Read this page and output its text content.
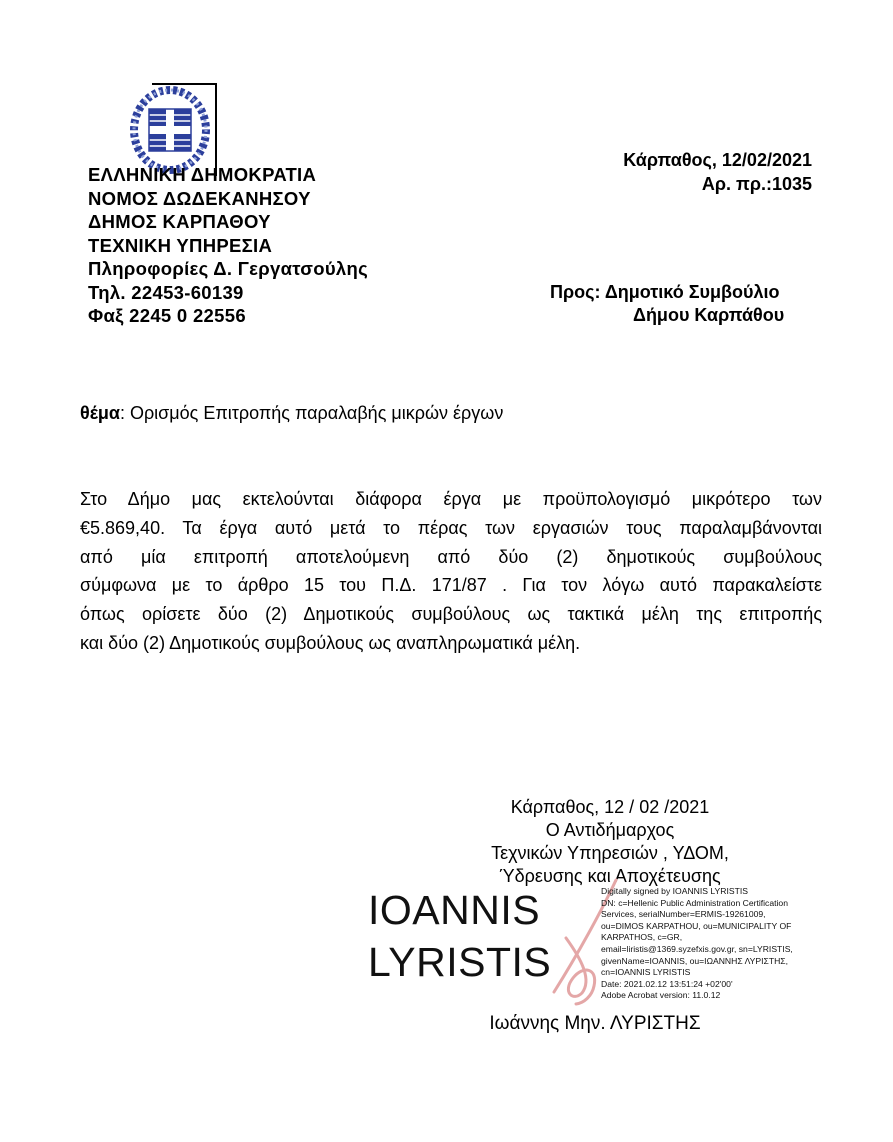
ΕΛΛΗΝΙΚΗ ΔΗΜΟΚΡΑΤΙΑ
ΝΟΜΟΣ ΔΩΔΕΚΑΝΗΣΟΥ
ΔΗΜΟΣ ΚΑΡΠΑΘΟΥ
ΤΕΧΝΙΚΗ ΥΠΗΡΕΣΙΑ
Πληροφορίες Δ. Γεργατσούλης
Τηλ. 22453-60139
Φαξ 2245 0 22556
Κάρπαθος, 12/02/2021
Αρ. πρ.:1035
Προς: Δημοτικό Συμβούλιο
Δήμου Καρπάθου
θέμα: Ορισμός Επιτροπής παραλαβής μικρών έργων
Στο Δήμο μας εκτελούνται διάφορα έργα με προϋπολογισμό μικρότερο των
€5.869,40. Τα έργα αυτό μετά το πέρας των εργασιών τους παραλαμβάνονται
από μία επιτροπή αποτελούμενη από δύο (2) δημοτικούς συμβούλους
σύμφωνα με το άρθρο 15 του Π.Δ. 171/87 . Για τον λόγω αυτό παρακαλείστε
όπως ορίσετε δύο (2) Δημοτικούς συμβούλους ως τακτικά μέλη της επιτροπής
και δύο (2) Δημοτικούς συμβούλους ως αναπληρωματικά μέλη.
Κάρπαθος, 12 / 02 /2021
Ο Αντιδήμαρχος
Τεχνικών Υπηρεσιών , ΥΔΟΜ,
Ύδρευσης και Αποχέτευσης
IOANNIS
LYRISTIS
Digitally signed by IOANNIS LYRISTIS
DN: c=Hellenic Public Administration Certification
Services, serialNumber=ERMIS-19261009,
ou=DIMOS KARPATHOU, ou=MUNICIPALITY OF
KARPATHOS, c=GR,
email=liristis@1369.syzefxis.gov.gr, sn=LYRISTIS,
givenName=IOANNIS, ou=ΙΩΑΝΝΗΣ ΛΥΡΙΣΤΗΣ,
cn=IOANNIS LYRISTIS
Date: 2021.02.12 13:51:24 +02'00'
Adobe Acrobat version: 11.0.12
Ιωάννης Μην. ΛΥΡΙΣΤΗΣ
